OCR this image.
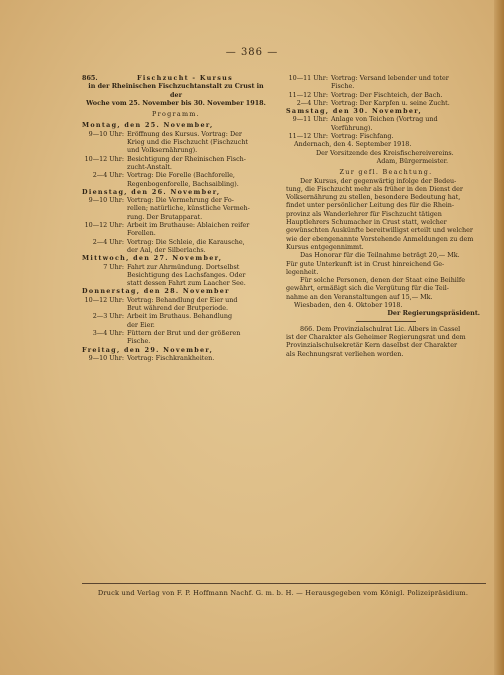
— 386 —
865.	Fischzucht - Kursus

in der Rheinischen Fischzuchtanstalt zu Crust in der

Woche vom 25. November bis 30. November 1918.

Programm.

Montag, den 25. November,

9—10 Uhr: Eröffnung des Kursus. Vortrag: Der
Krieg und die Fischzucht (Fischzucht
und Volksernährung).
10—12 Uhr: Besichtigung der Rheinischen Fisch-
zucht-Anstalt.
2—4 Uhr: Vortrag: Die Forelle (Bachforelle,
Regenbogenforelle, Bachsaibling).

Dienstag, den 26. November,

9—10 Uhr: Vortrag: Die Vermehrung der Fo-
rellen; natürliche, künstliche Vermeh-
rung. Der Brutapparat.
10—12 Uhr: Arbeit im Bruthause: Ablaichen reifer
Forellen.
2—4 Uhr: Vortrag: Die Schleie, die Karausche,
der Aal, der Silberlachs.

Mittwoch, den 27. November,

7 Uhr: Fahrt zur Ahrmündung. Dortselbst
Besichtigung des Lachsfanges. Oder
statt dessen Fahrt zum Laacher See.

Donnerstag, den 28. November

10—12 Uhr: Vortrag: Behandlung der Eier und
Brut während der Brutperiode.
2—3 Uhr: Arbeit im Bruthaus. Behandlung
der Eier.
3—4 Uhr: Füttern der Brut und der größeren
Fische.

Freitag, den 29. November,

9—10 Uhr: Vortrag: Fischkrankheiten.
10—11 Uhr: Vortrag: Versand lebender und toter
Fische.
11—12 Uhr: Vortrag: Der Fischteich, der Bach.
2—4 Uhr: Vortrag: Der Karpfen u. seine Zucht.

Samstag, den 30. November,

9—11 Uhr: Anlage von Teichen (Vortrag und
Vorführung).
11—12 Uhr: Vortrag: Fischfang.

Andernach, den 4. September 1918.

Der Vorsitzende des Kreisfischereivereins.

Adam, Bürgermeister.

Zur gefl. Beachtung.

Der Kursus, der gegenwärtig infolge der Bedeu-

tung, die Fischzucht mehr als früher in den Dienst der

Volksernährung zu stellen, besondere Bedeutung hat,

findet unter persönlicher Leitung des für die Rhein-

provinz als Wanderlehrer für Fischzucht tätigen

Hauptlehrers Schumacher in Crust statt, welcher

gewünschten Auskünfte bereitwilligst erteilt und welcher

wie der ebengenannte Vorstehende Anmeldungen zu dem

Kursus entgegennimmt.

Das Honorar für die Teilnahme beträgt 20,— Mk.

Für gute Unterkunft ist in Crust hinreichend Ge-

legenheit.

Für solche Personen, denen der Staat eine Beihilfe

gewährt, ermäßigt sich die Vergütung für die Teil-

nahme an den Veranstaltungen auf 15,— Mk.

Wiesbaden, den 4. Oktober 1918.

Der Regierungspräsident.

866. Dem Provinzialschulrat Lic. Albers in Cassel

ist der Charakter als Geheimer Regierungsrat und dem

Provinzialschulsekretär Kern daselbst der Charakter

als Rechnungsrat verliehen worden.

Druck und Verlag von F. P. Hoffmann Nachf. G. m. b. H. — Herausgegeben vom Königl. Polizeipräsidium.
